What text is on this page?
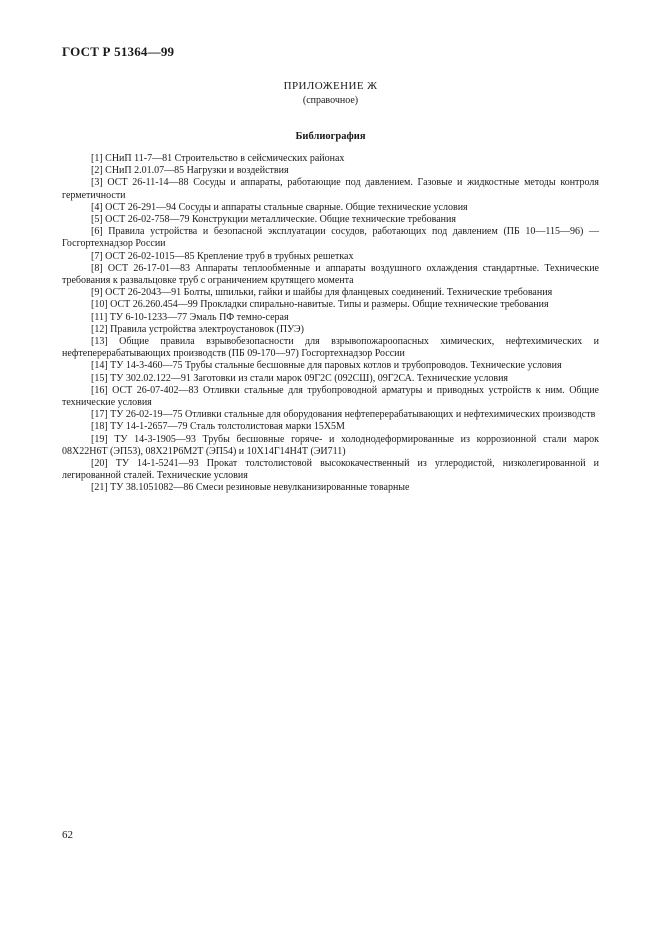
ГОСТ Р 51364—99
ПРИЛОЖЕНИЕ Ж
(справочное)
Библиография
[1] СНиП 11-7—81 Строительство в сейсмических районах
[2] СНиП 2.01.07—85 Нагрузки и воздействия
[3] ОСТ 26-11-14—88 Сосуды и аппараты, работающие под давлением. Газовые и жидкостные методы контроля герметичности
[4] ОСТ 26-291—94 Сосуды и аппараты стальные сварные. Общие технические условия
[5] ОСТ 26-02-758—79 Конструкции металлические. Общие технические требования
[6] Правила устройства и безопасной эксплуатации сосудов, работающих под давлением (ПБ 10—115—96) — Госгортехнадзор России
[7] ОСТ 26-02-1015—85 Крепление труб в трубных решетках
[8] ОСТ 26-17-01—83 Аппараты теплообменные и аппараты воздушного охлаждения стандартные. Технические требования к развальцовке труб с ограничением крутящего момента
[9] ОСТ 26-2043—91 Болты, шпильки, гайки и шайбы для фланцевых соединений. Технические требования
[10] ОСТ 26.260.454—99 Прокладки спирально-навитые. Типы и размеры. Общие технические требования
[11] ТУ 6-10-1233—77 Эмаль ПФ темно-серая
[12] Правила устройства электроустановок (ПУЭ)
[13] Общие правила взрывобезопасности для взрывопожароопасных химических, нефтехимических и нефтеперерабатывающих производств (ПБ 09-170—97) Госгортехнадзор России
[14] ТУ 14-3-460—75 Трубы стальные бесшовные для паровых котлов и трубопроводов. Технические условия
[15] ТУ 302.02.122—91 Заготовки из стали марок 09Г2С (092СШ), 09Г2СА. Технические условия
[16] ОСТ 26-07-402—83 Отливки стальные для трубопроводной арматуры и приводных устройств к ним. Общие технические условия
[17] ТУ 26-02-19—75 Отливки стальные для оборудования нефтеперерабатывающих и нефтехимических производств
[18] ТУ 14-1-2657—79 Сталь толстолистовая марки 15Х5М
[19] ТУ 14-3-1905—93 Трубы бесшовные горяче- и холоднодеформированные из коррозионной стали марок 08Х22Н6Т (ЭП53), 08Х21Р6М2Т (ЭП54) и 10Х14Г14Н4Т (ЭИ711)
[20] ТУ 14-1-5241—93 Прокат толстолистовой высококачественный из углеродистой, низколегированной и легированной сталей. Технические условия
[21] ТУ 38.1051082—86 Смеси резиновые невулканизированные товарные
62
